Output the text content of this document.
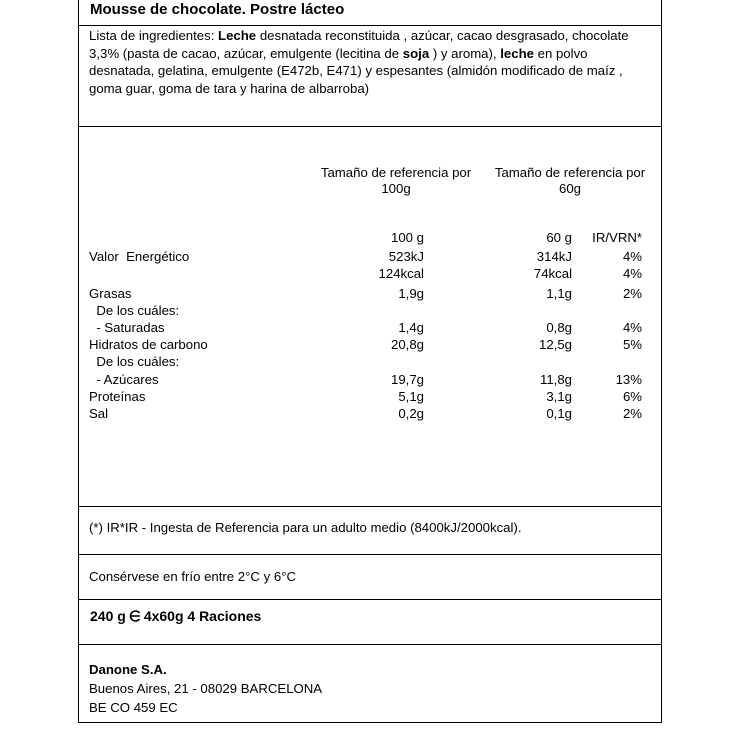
Mousse de chocolate. Postre lácteo
Lista de ingredientes: Leche desnatada reconstituida , azúcar, cacao desgrasado, chocolate 3,3% (pasta de cacao, azúcar, emulgente (lecitina de soja ) y aroma), leche en polvo desnatada, gelatina, emulgente (E472b, E471) y espesantes (almidón modificado de maíz , goma guar, goma de tara y harina de albarroba)
Tamaño de referencia por
100g
Tamaño de referencia por
60g
100 g	60 g	IR/VRN*
Valor  Energético	523kJ	314kJ	4%
124kcal	74kcal	4%
Grasas	1,9g	1,1g	2%
De los cuáles:
- Saturadas	1,4g	0,8g	4%
Hidratos de carbono	20,8g	12,5g	5%
De los cuáles:
- Azúcares	19,7g	11,8g	13%
Proteínas	5,1g	3,1g	6%
Sal	0,2g	0,1g	2%
(*) IR*IR - Ingesta de Referencia para un adulto medio (8400kJ/2000kcal).
Consérvese en frío entre 2°C y 6°C
240 g 4x60g 4 Raciones
Danone S.A.
Buenos Aires, 21 - 08029 BARCELONA
BE CO 459 EC
